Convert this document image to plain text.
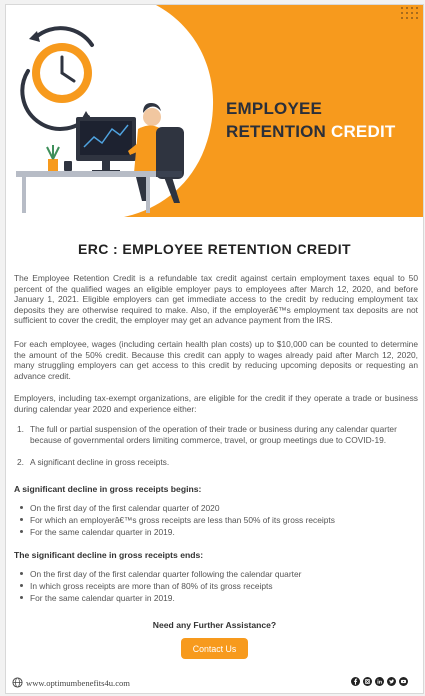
EMPLOYEE
RETENTION CREDIT
ERC : EMPLOYEE RETENTION CREDIT

The Employee Retention Credit is a refundable tax credit against certain employment taxes equal to 50 percent of the qualified wages an eligible employer pays to employees after March 12, 2020, and before January 1, 2021. Eligible employers can get immediate access to the credit by reducing employment tax deposits they are otherwise required to make. Also, if the employerâ€™s employment tax deposits are not sufficient to cover the credit, the employer may get an advance payment from the IRS.

For each employee, wages (including certain health plan costs) up to $10,000 can be counted to determine the amount of the 50% credit. Because this credit can apply to wages already paid after March 12, 2020, many struggling employers can get access to this credit by reducing upcoming deposits or requesting an advance credit.

Employers, including tax-exempt organizations, are eligible for the credit if they operate a trade or business during calendar year 2020 and experience either:

1. The full or partial suspension of the operation of their trade or business during any calendar quarter because of governmental orders limiting commerce, travel, or group meetings due to COVID-19.
2. A significant decline in gross receipts.
A significant decline in gross receipts begins:
On the first day of the first calendar quarter of 2020
For which an employerâ€™s gross receipts are less than 50% of its gross receipts
For the same calendar quarter in 2019.
The significant decline in gross receipts ends:
On the first day of the first calendar quarter following the calendar quarter
In which gross receipts are more than of 80% of its gross receipts
For the same calendar quarter in 2019.
Need any Further Assistance?
Contact Us
www.optimumbenefits4u.com
